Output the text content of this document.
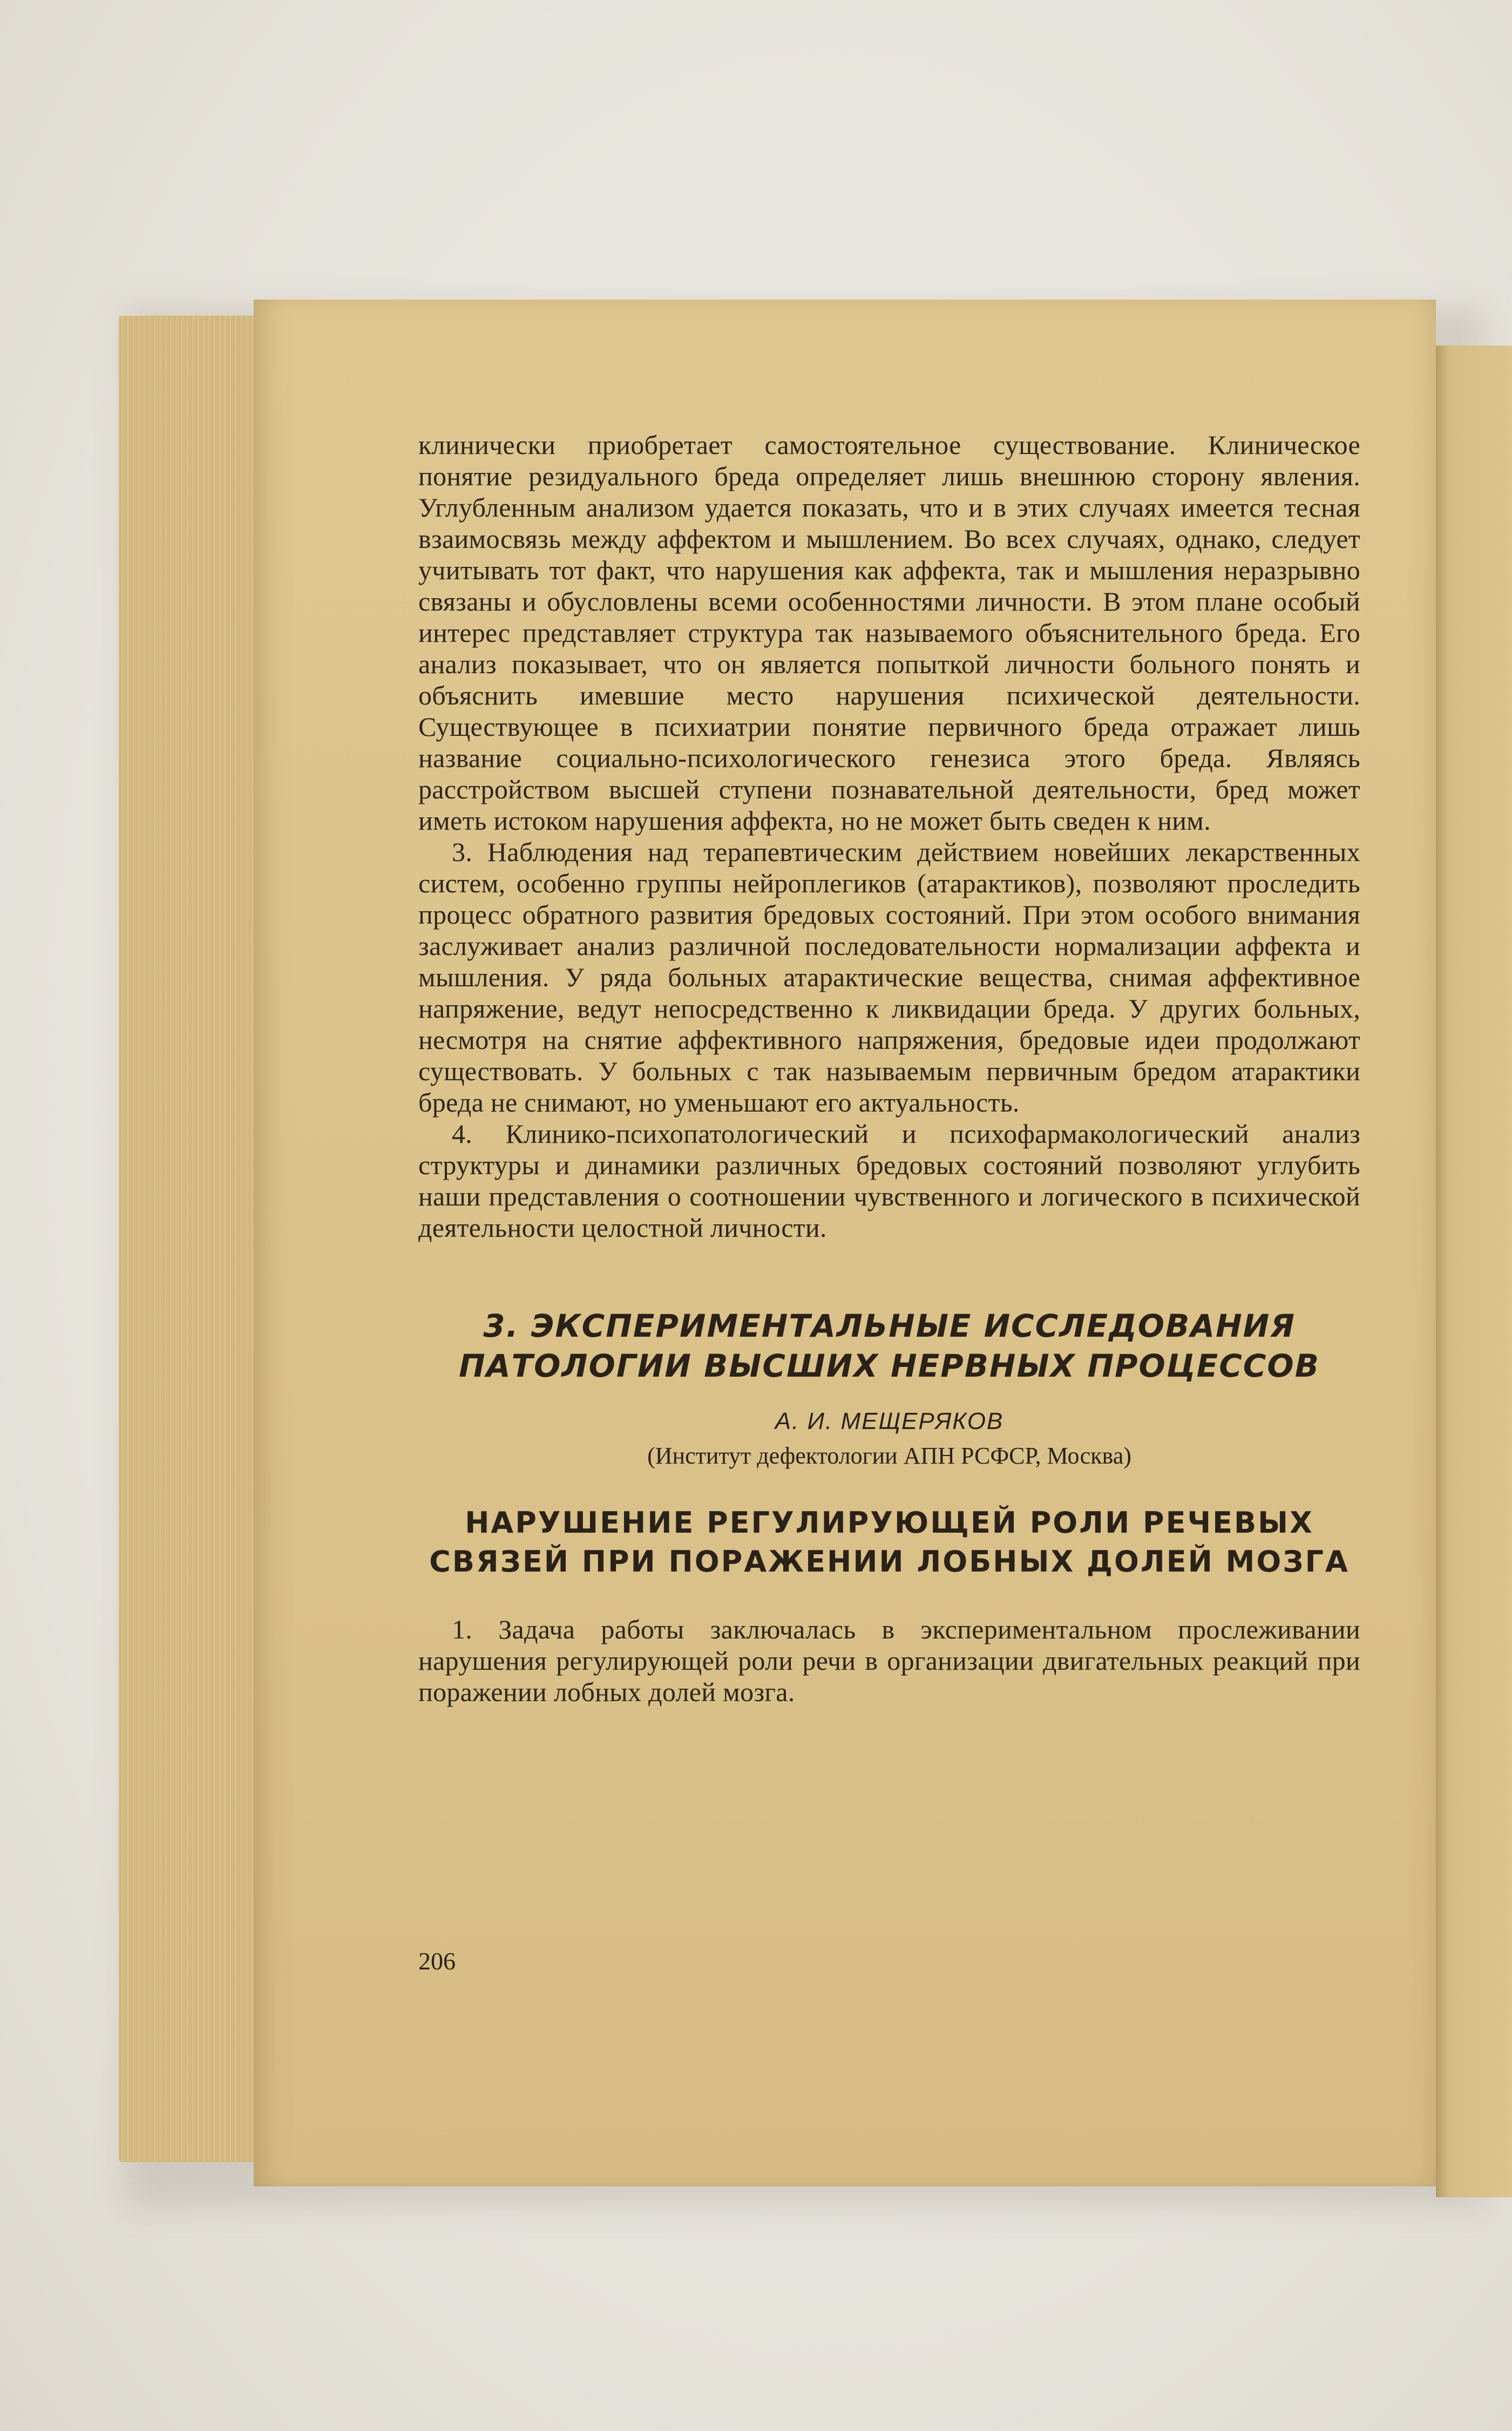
клинически приобретает самостоятельное существование. Клиническое понятие резидуального бреда определяет лишь внешнюю сторону явления. Углубленным анализом удается показать, что и в этих случаях имеется тесная взаимосвязь между аффектом и мышлением. Во всех случаях, однако, следует учитывать тот факт, что нарушения как аффекта, так и мышления неразрывно связаны и обусловлены всеми особенностями личности. В этом плане особый интерес представляет структура так называемого объяснительного бреда. Его анализ показывает, что он является попыткой личности больного понять и объяснить имевшие место нарушения психической деятельности. Существующее в психиатрии понятие первичного бреда отражает лишь название социально-психологического генезиса этого бреда. Являясь расстройством высшей ступени познавательной деятельности, бред может иметь истоком нарушения аффекта, но не может быть сведен к ним.

3. Наблюдения над терапевтическим действием новейших лекарственных систем, особенно группы нейроплегиков (атарактиков), позволяют проследить процесс обратного развития бредовых состояний. При этом особого внимания заслуживает анализ различной последовательности нормализации аффекта и мышления. У ряда больных атарактические вещества, снимая аффективное напряжение, ведут непосредственно к ликвидации бреда. У других больных, несмотря на снятие аффективного напряжения, бредовые идеи продолжают существовать. У больных с так называемым первичным бредом атарактики бреда не снимают, но уменьшают его актуальность.

4. Клинико-психопатологический и психофармакологический анализ структуры и динамики различных бредовых состояний позволяют углубить наши представления о соотношении чувственного и логического в психической деятельности целостной личности.

3. ЭКСПЕРИМЕНТАЛЬНЫЕ ИССЛЕДОВАНИЯ
ПАТОЛОГИИ ВЫСШИХ НЕРВНЫХ ПРОЦЕССОВ
А. И. МЕЩЕРЯКОВ
(Институт дефектологии АПН РСФСР, Москва)
НАРУШЕНИЕ РЕГУЛИРУЮЩЕЙ РОЛИ РЕЧЕВЫХ
СВЯЗЕЙ ПРИ ПОРАЖЕНИИ ЛОБНЫХ ДОЛЕЙ МОЗГА

1. Задача работы заключалась в экспериментальном прослеживании нарушения регулирующей роли речи в организации двигательных реакций при поражении лобных долей мозга.

206
